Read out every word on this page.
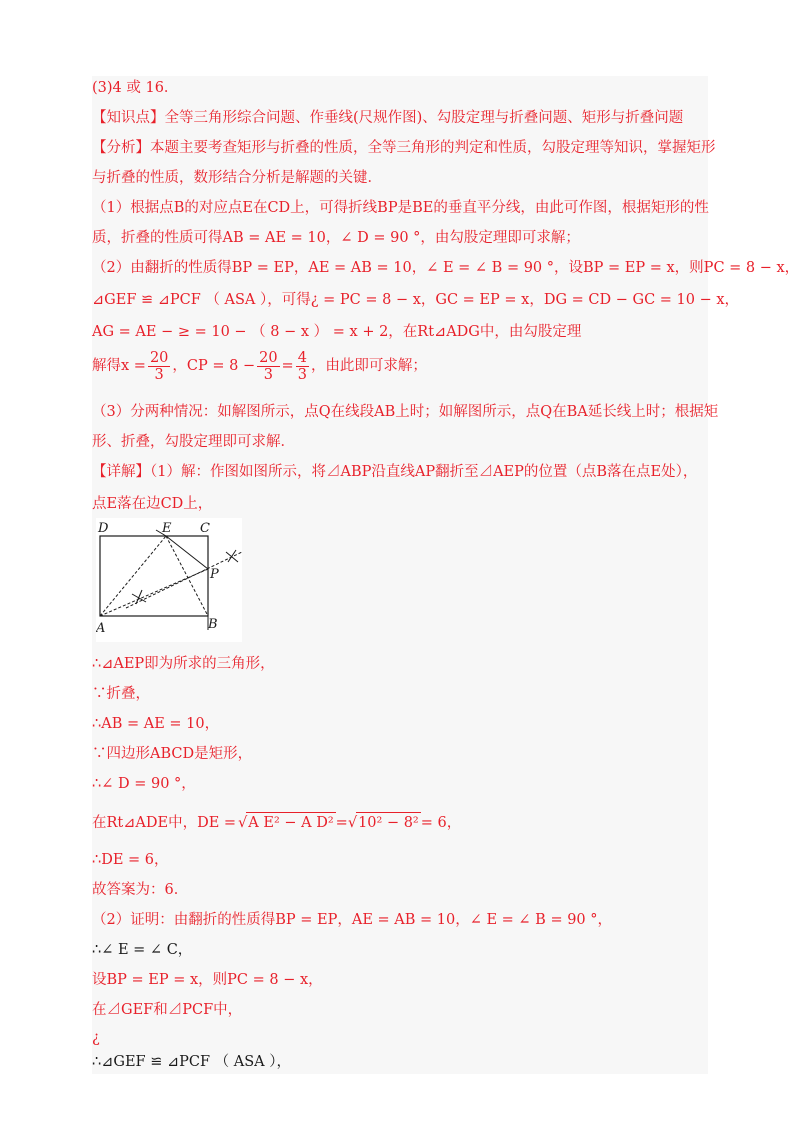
(3)4 或 16．
【知识点】全等三角形综合问题、作垂线(尺规作图)、勾股定理与折叠问题、矩形与折叠问题
【分析】本题主要考查矩形与折叠的性质，全等三角形的判定和性质，勾股定理等知识，掌握矩形
与折叠的性质，数形结合分析是解题的关键．
（1）根据点B的对应点E在CD上，可得折线BP是BE的垂直平分线，由此可作图，根据矩形的性
质，折叠的性质可得AB = AE = 10，∠ D = 90 °，由勾股定理即可求解；
（2）由翻折的性质得BP = EP，AE = AB = 10，∠ E = ∠ B = 90 °，设BP = EP = x，则PC = 8 − x，
⊿GEF ≌ ⊿PCF （ ASA ），可得¿ = PC = 8 − x，GC = EP = x，DG = CD − GC = 10 − x，
AG = AE − ≥ = 10 − （ 8 − x ） = x + 2，在Rt⊿ADG中，由勾股定理
解得$x = \frac{20}{3}$ ，CP = $8 - \frac{20}{3} = \frac{4}{3}$ ，由此即可求解；
（3）分两种情况：如解图所示，点Q在线段AB上时；如解图所示，点Q在BA延长线上时；根据矩
形、折叠，勾股定理即可求解．
【详解】（1）解：作图如图所示，将⊿ABP沿直线AP翻折至⊿AEP的位置（点B落在点E处），
点E落在边CD上，
D	E C
P
A	B
∴⊿AEP即为所求的三角形，
∵折叠，
∴AB = AE = 10，
∵四边形ABCD是矩形，
∴∠ D = 90 °，
在Rt⊿ADE中，DE = √A E² − A D² =√10² − 8² = 6，
∴DE = 6，
故答案为：6．
（2）证明：由翻折的性质得BP = EP，AE = AB = 10，∠ E = ∠ B = 90 °，
∴∠ E = ∠ C，
设BP = EP = x，则PC = 8 − x，
在⊿GEF和⊿PCF中，
¿
∴⊿GEF ≌ ⊿PCF （ ASA ），
